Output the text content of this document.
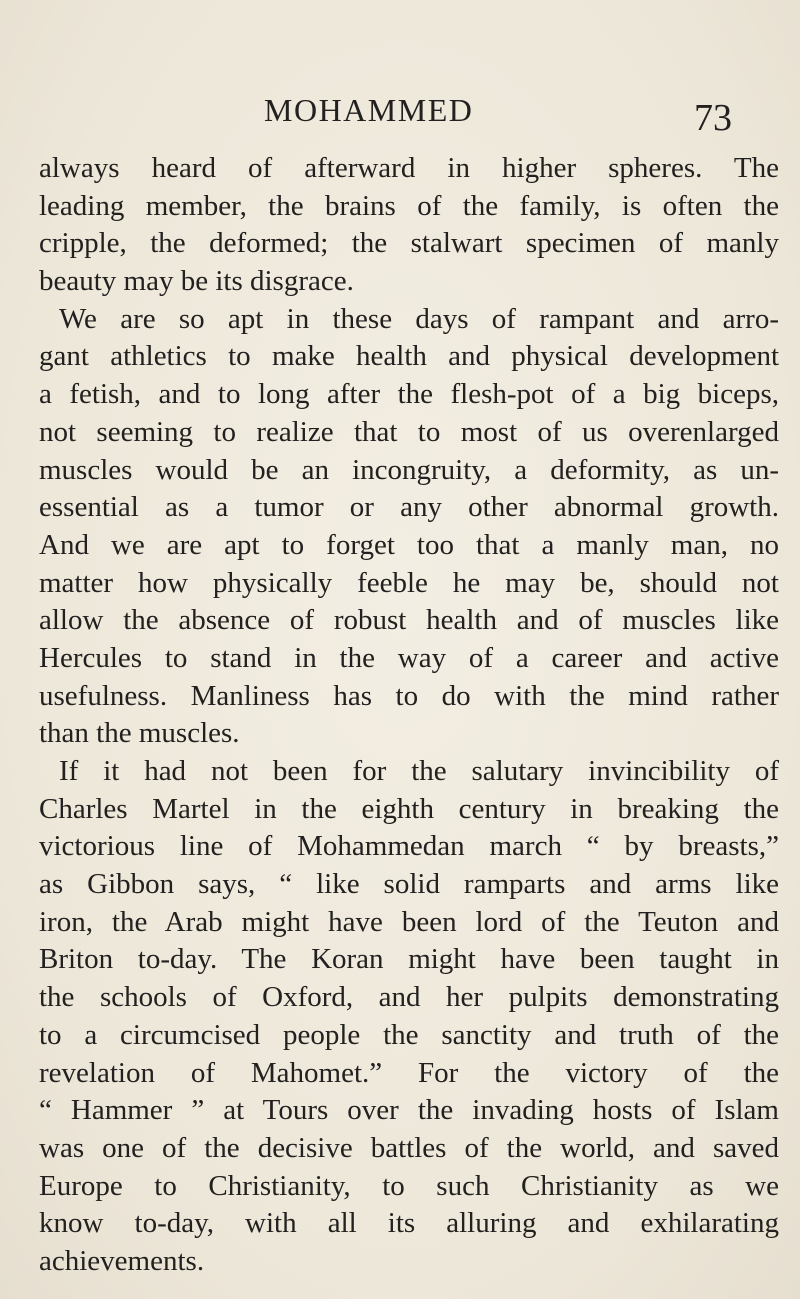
MOHAMMED	73
always heard of afterward in higher spheres. The
leading member, the brains of the family, is often the
cripple, the deformed; the stalwart specimen of manly
beauty may be its disgrace.
We are so apt in these days of rampant and arro-
gant athletics to make health and physical development
a fetish, and to long after the flesh-pot of a big biceps,
not seeming to realize that to most of us overenlarged
muscles would be an incongruity, a deformity, as un-
essential as a tumor or any other abnormal growth.
And we are apt to forget too that a manly man, no
matter how physically feeble he may be, should not
allow the absence of robust health and of muscles like
Hercules to stand in the way of a career and active
usefulness. Manliness has to do with the mind rather
than the muscles.
If it had not been for the salutary invincibility of
Charles Martel in the eighth century in breaking the
victorious line of Mohammedan march “ by breasts,”
as Gibbon says, “ like solid ramparts and arms like
iron, the Arab might have been lord of the Teuton and
Briton to-day. The Koran might have been taught in
the schools of Oxford, and her pulpits demonstrating
to a circumcised people the sanctity and truth of the
revelation of Mahomet.” For the victory of the
“ Hammer ” at Tours over the invading hosts of Islam
was one of the decisive battles of the world, and saved
Europe to Christianity, to such Christianity as we
know to-day, with all its alluring and exhilarating
achievements.
